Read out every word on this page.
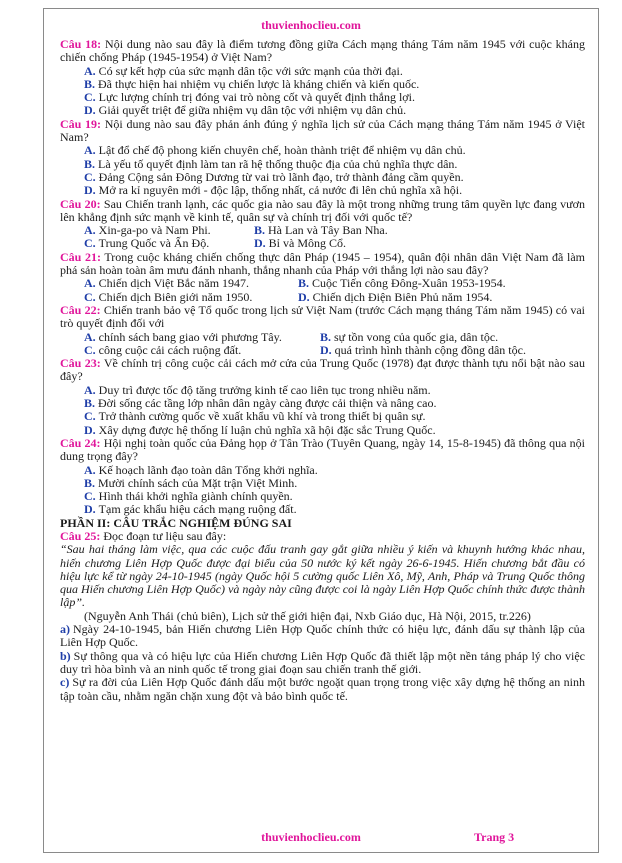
thuvienhoclieu.com

Câu 18: Nội dung nào sau đây là điểm tương đồng giữa Cách mạng tháng Tám năm 1945 với cuộc kháng chiến chống Pháp (1945-1954) ở Việt Nam?

A. Có sự kết hợp của sức mạnh dân tộc với sức mạnh của thời đại.

B. Đã thực hiện hai nhiệm vụ chiến lược là kháng chiến và kiến quốc.

C. Lực lượng chính trị đóng vai trò nòng cốt và quyết định thắng lợi.

D. Giải quyết triệt để giữa nhiệm vụ dân tộc với nhiệm vụ dân chủ.

Câu 19: Nội dung nào sau đây phản ánh đúng ý nghĩa lịch sử của Cách mạng tháng Tám năm 1945 ở Việt Nam?

A. Lật đổ chế độ phong kiến chuyên chế, hoàn thành triệt để nhiệm vụ dân chủ.

B. Là yếu tố quyết định làm tan rã hệ thống thuộc địa của chủ nghĩa thực dân.

C. Đảng Cộng sản Đông Dương từ vai trò lãnh đạo, trở thành đảng cầm quyền.

D. Mở ra kỉ nguyên mới - độc lập, thống nhất, cả nước đi lên chủ nghĩa xã hội.

Câu 20: Sau Chiến tranh lạnh, các quốc gia nào sau đây là một trong những trung tâm quyền lực đang vươn lên khẳng định sức mạnh về kinh tế, quân sự và chính trị đối với quốc tế?

A. Xin-ga-po và Nam Phi.	B. Hà Lan và Tây Ban Nha.
C. Trung Quốc và Ấn Độ.	D. Bỉ và Mông Cổ.

Câu 21: Trong cuộc kháng chiến chống thực dân Pháp (1945 – 1954), quân đội nhân dân Việt Nam đã làm phá sản hoàn toàn âm mưu đánh nhanh, thắng nhanh của Pháp với thắng lợi nào sau đây?

A. Chiến dịch Việt Bắc năm 1947.	B. Cuộc Tiến công Đông-Xuân 1953-1954.
C. Chiến dịch Biên giới năm 1950.	D. Chiến dịch Điện Biên Phủ năm 1954.

Câu 22: Chiến tranh bảo vệ Tổ quốc trong lịch sử Việt Nam (trước Cách mạng tháng Tám năm 1945) có vai trò quyết định đối với

A. chính sách bang giao với phương Tây.	B. sự tồn vong của quốc gia, dân tộc.
C. công cuộc cải cách ruộng đất.	D. quá trình hình thành cộng đồng dân tộc.

Câu 23: Về chính trị công cuộc cải cách mở cửa của Trung Quốc (1978) đạt được thành tựu nổi bật nào sau đây?

A. Duy trì được tốc độ tăng trưởng kinh tế cao liên tục trong nhiều năm.

B. Đời sống các tầng lớp nhân dân ngày càng được cải thiện và nâng cao.

C. Trở thành cường quốc về xuất khẩu vũ khí và trong thiết bị quân sự.

D. Xây dựng được hệ thống lí luận chủ nghĩa xã hội đặc sắc Trung Quốc.

Câu 24: Hội nghị toàn quốc của Đảng họp ở Tân Trào (Tuyên Quang, ngày 14, 15-8-1945) đã thông qua nội dung trọng đây?

A. Kế hoạch lãnh đạo toàn dân Tổng khởi nghĩa.

B. Mười chính sách của Mặt trận Việt Minh.

C. Hình thái khởi nghĩa giành chính quyền.

D. Tạm gác khẩu hiệu cách mạng ruộng đất.

PHẦN II: CÂU TRẮC NGHIỆM ĐÚNG SAI

Câu 25: Đọc đoạn tư liệu sau đây:

“Sau hai tháng làm việc, qua các cuộc đấu tranh gay gắt giữa nhiều ý kiến và khuynh hướng khác nhau, hiến chương Liên Hợp Quốc được đại biểu của 50 nước ký kết ngày 26-6-1945. Hiến chương bắt đầu có hiệu lực kể từ ngày 24-10-1945 (ngày Quốc hội 5 cường quốc Liên Xô, Mỹ, Anh, Pháp và Trung Quốc thông qua Hiến chương Liên Hợp Quốc) và ngày này cũng được coi là ngày Liên Hợp Quốc chính thức được thành lập”.

(Nguyễn Anh Thái (chủ biên), Lịch sử thế giới hiện đại, Nxb Giáo dục, Hà Nội, 2015, tr.226)

a) Ngày 24-10-1945, bản Hiến chương Liên Hợp Quốc chính thức có hiệu lực, đánh dấu sự thành lập của Liên Hợp Quốc.

b) Sự thông qua và có hiệu lực của Hiến chương Liên Hợp Quốc đã thiết lập một nền tảng pháp lý cho việc duy trì hòa bình và an ninh quốc tế trong giai đoạn sau chiến tranh thế giới.

c) Sự ra đời của Liên Hợp Quốc đánh dấu một bước ngoặt quan trọng trong việc xây dựng hệ thống an ninh tập toàn cầu, nhằm ngăn chặn xung đột và bảo bình quốc tế.

thuvienhoclieu.com	Trang 3
